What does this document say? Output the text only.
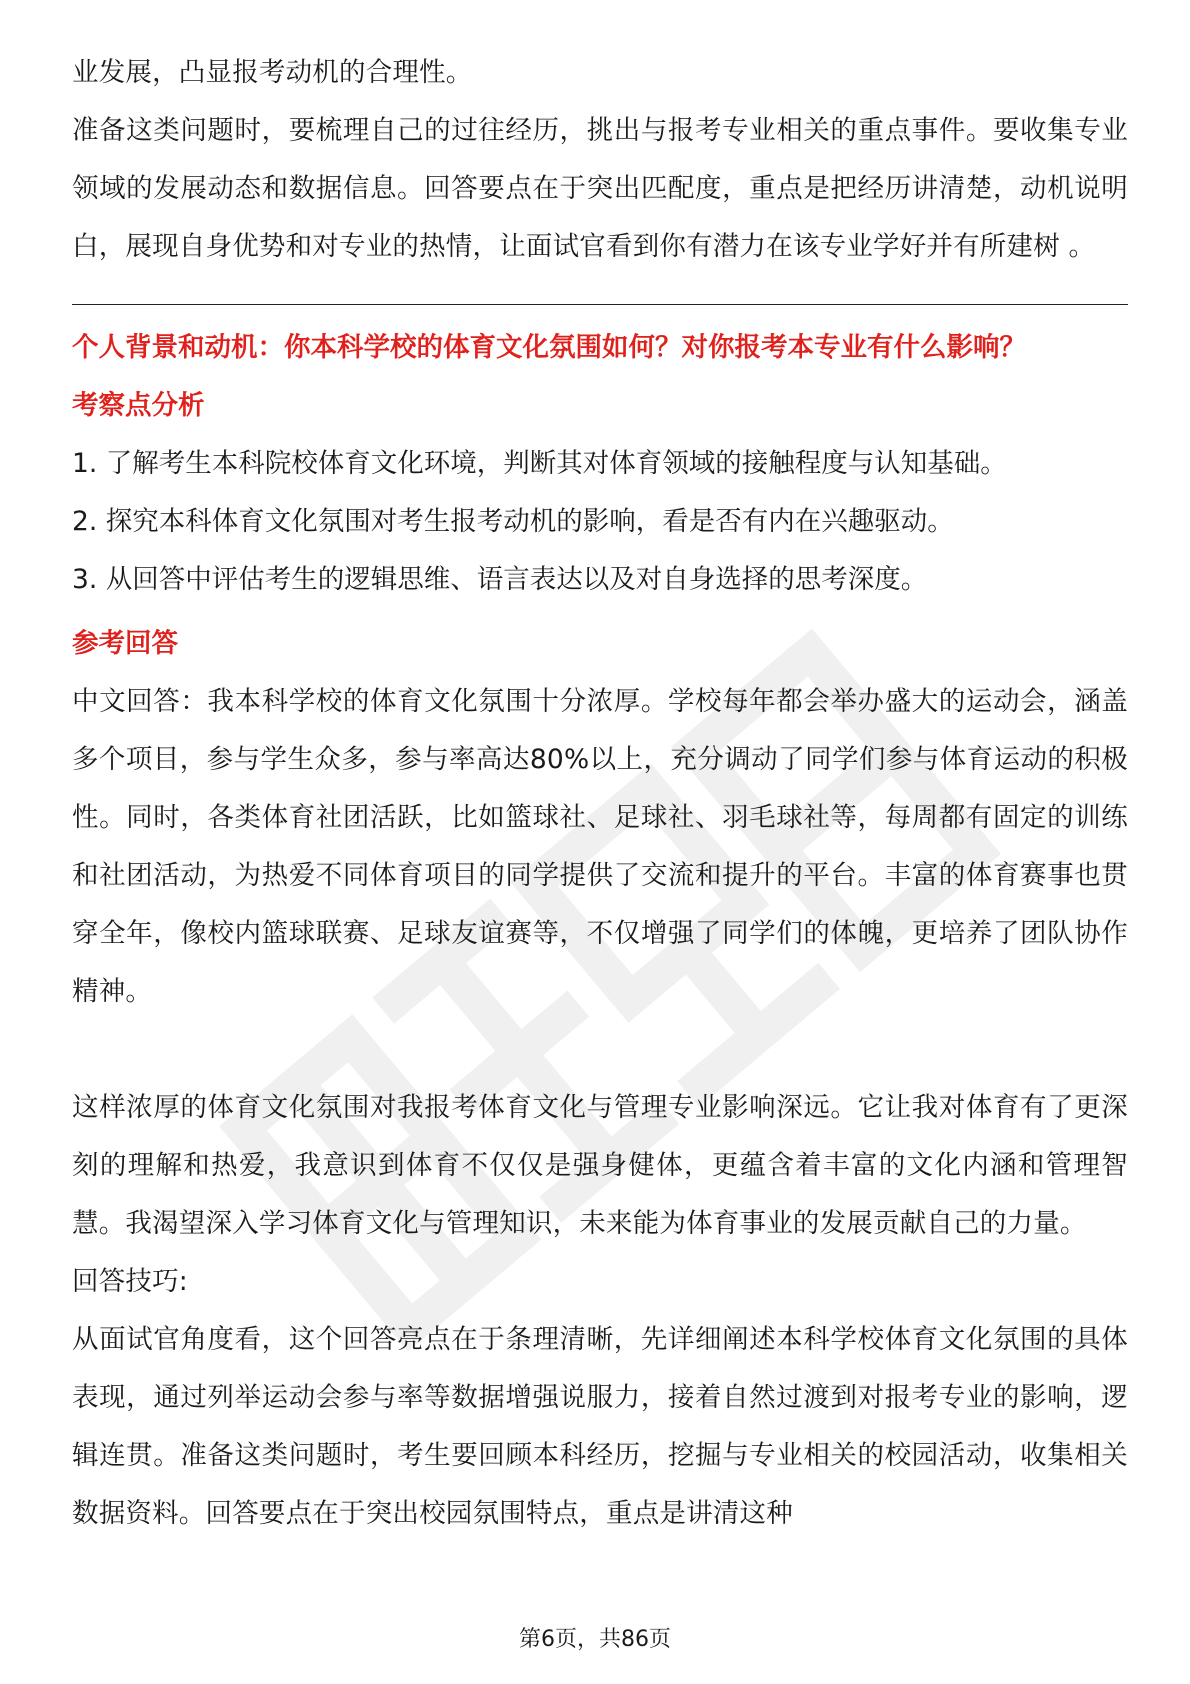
业发展，凸显报考动机的合理性。

准备这类问题时，要梳理自己的过往经历，挑出与报考专业相关的重点事件。要收集专业领域的发展动态和数据信息。回答要点在于突出匹配度，重点是把经历讲清楚，动机说明白，展现自身优势和对专业的热情，让面试官看到你有潜力在该专业学好并有所建树 。

个人背景和动机：你本科学校的体育文化氛围如何？对你报考本专业有什么影响？

考察点分析

1. 了解考生本科院校体育文化环境，判断其对体育领域的接触程度与认知基础。

2. 探究本科体育文化氛围对考生报考动机的影响，看是否有内在兴趣驱动。

3. 从回答中评估考生的逻辑思维、语言表达以及对自身选择的思考深度。

参考回答

中文回答：我本科学校的体育文化氛围十分浓厚。学校每年都会举办盛大的运动会，涵盖多个项目，参与学生众多，参与率高达80%以上，充分调动了同学们参与体育运动的积极性。同时，各类体育社团活跃，比如篮球社、足球社、羽毛球社等，每周都有固定的训练和社团活动，为热爱不同体育项目的同学提供了交流和提升的平台。丰富的体育赛事也贯穿全年，像校内篮球联赛、足球友谊赛等，不仅增强了同学们的体魄，更培养了团队协作精神。

这样浓厚的体育文化氛围对我报考体育文化与管理专业影响深远。它让我对体育有了更深刻的理解和热爱，我意识到体育不仅仅是强身健体，更蕴含着丰富的文化内涵和管理智慧。我渴望深入学习体育文化与管理知识，未来能为体育事业的发展贡献自己的力量。

回答技巧:

从面试官角度看，这个回答亮点在于条理清晰，先详细阐述本科学校体育文化氛围的具体表现，通过列举运动会参与率等数据增强说服力，接着自然过渡到对报考专业的影响，逻辑连贯。准备这类问题时，考生要回顾本科经历，挖掘与专业相关的校园活动，收集相关数据资料。回答要点在于突出校园氛围特点，重点是讲清这种

第6页，共86页
